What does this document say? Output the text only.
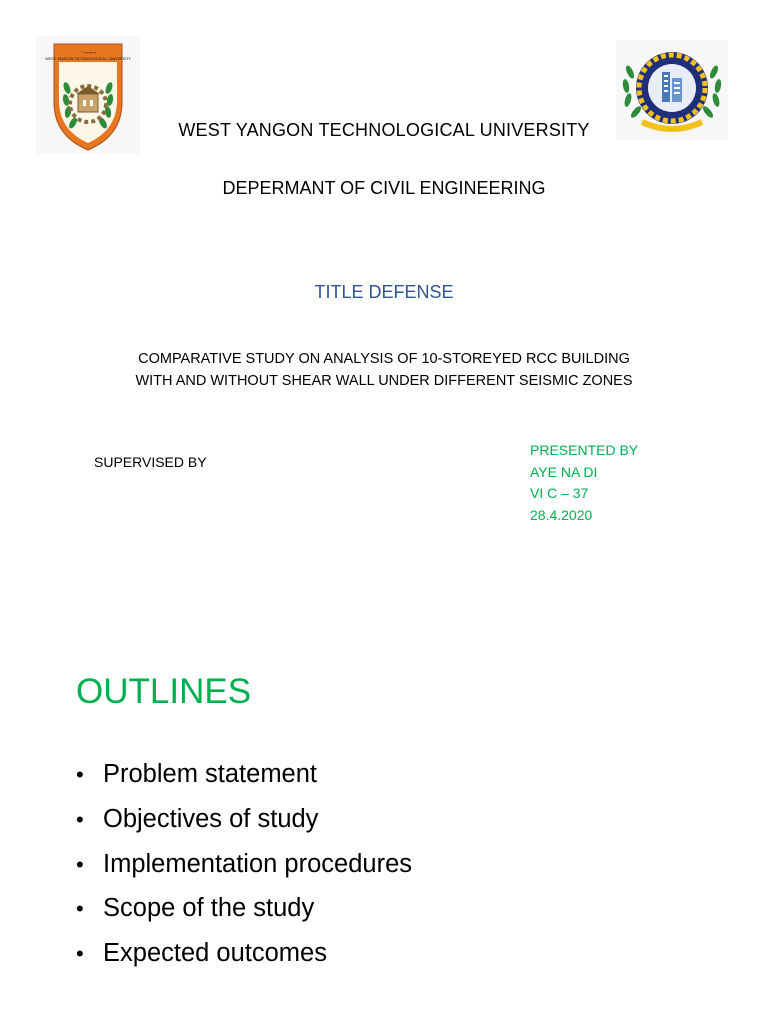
ꩻꩻꩻꩻꩻꩻꩻꩻꩻꩻ
WEST YANGON TECHNOLOGICAL UNIVERSITY
· · ·
WEST YANGON TECHNOLOGICAL UNIVERSITY
DEPERMANT OF CIVIL ENGINEERING
TITLE DEFENSE
COMPARATIVE STUDY ON ANALYSIS OF 10-STOREYED RCC BUILDING
WITH AND WITHOUT SHEAR WALL UNDER DIFFERENT SEISMIC ZONES
SUPERVISED BY
PRESENTED BY
AYE NA DI
VI C – 37
28.4.2020
OUTLINES
• Problem statement
• Objectives of study
• Implementation procedures
• Scope of the study
• Expected outcomes
